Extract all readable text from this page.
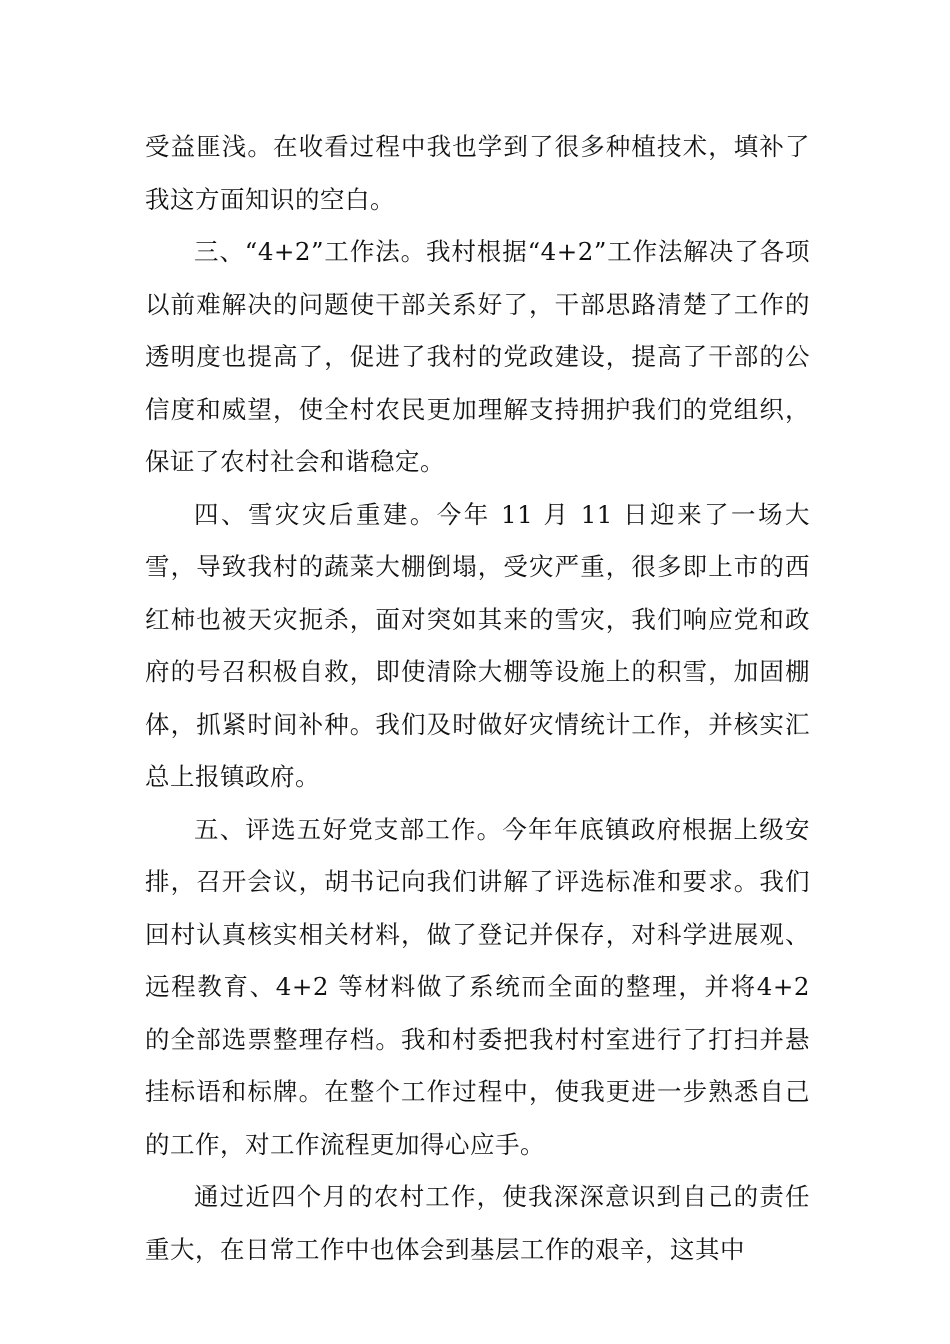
受益匪浅。在收看过程中我也学到了很多种植技术，填补了我这方面知识的空白。

三、“4+2”工作法。我村根据“4+2”工作法解决了各项以前难解决的问题使干部关系好了，干部思路清楚了工作的透明度也提高了，促进了我村的党政建设，提高了干部的公信度和威望，使全村农民更加理解支持拥护我们的党组织，保证了农村社会和谐稳定。

四、雪灾灾后重建。今年 11 月 11 日迎来了一场大雪，导致我村的蔬菜大棚倒塌，受灾严重，很多即上市的西红柿也被天灾扼杀，面对突如其来的雪灾，我们响应党和政府的号召积极自救，即使清除大棚等设施上的积雪，加固棚体，抓紧时间补种。我们及时做好灾情统计工作，并核实汇总上报镇政府。

五、评选五好党支部工作。今年年底镇政府根据上级安排，召开会议，胡书记向我们讲解了评选标准和要求。我们回村认真核实相关材料，做了登记并保存，对科学进展观、远程教育、4+2 等材料做了系统而全面的整理，并将4+2 的全部选票整理存档。我和村委把我村村室进行了打扫并悬挂标语和标牌。在整个工作过程中，使我更进一步熟悉自己的工作，对工作流程更加得心应手。

通过近四个月的农村工作，使我深深意识到自己的责任重大，在日常工作中也体会到基层工作的艰辛，这其中
